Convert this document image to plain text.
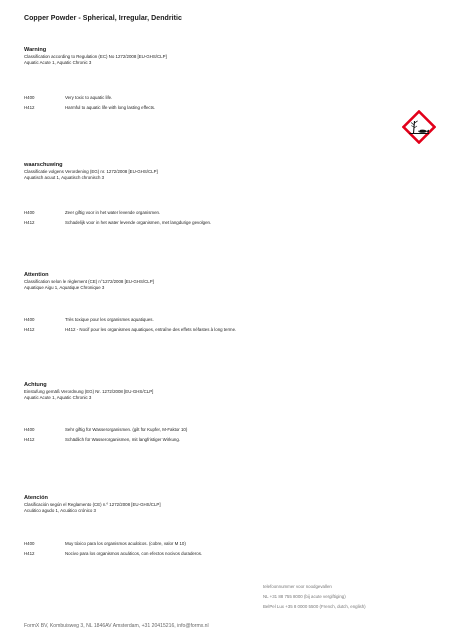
Copper Powder - Spherical, Irregular, Dendritic
Warning
Classification according to Regulation (EC) No 1272/2008 [EU-GHS/CLP]
Aquatic Acute 1, Aquatic Chronic 3
H400	Very toxic to aquatic life.
H412	Harmful to aquatic life with long lasting effects.
waarschuwing
Classificatie volgens Verordening (EG) nr. 1272/2008 [EU-GHS/CLP]
Aquatisch acuut 1, Aquatisch chronisch 3
H400	Zeer giftig voor in het water levende organismen.
H412	Schadelijk voor in het water levende organismen, met langdurige gevolgen.
Attention
Classification selon le règlement (CE) n°1272/2008 [EU-GHS/CLP]
Aquatique Aigu 1, Aquatique Chronique 3
H400	Très toxique pour les organismes aquatiques.
H412	H412 - Nocif pour les organismes aquatiques, entraîne des effets néfastes à long terme.
Achtung
Einstufung gemäß Verordnung (EG) Nr. 1272/2008 [EU-GHS/CLP]
Aquatic Acute 1, Aquatic Chronic 3
H400	Sehr giftig für Wasserorganismen. (gilt für Kupfer, M-Faktor 10)
H412	Schädlich für Wasserorganismen, mit langfristiger Wirkung.
Atención
Clasificación según el Reglamento (CE) n.º 1272/2008 [EU-GHS/CLP]
Acuático agudo 1, Acuático crónico 3
H400	Muy tóxico para los organismos acuáticos. (cobre, valor M 10)
H412	Nocivo para los organismos acuáticos, con efectos nocivos duraderos.
telefoonnummer voor noodgevallen
NL +31 88 755 8000 (bij acute vergiftiging)
BelPel Lux +35 8 0000 5500 (French, dutch, english)
FormX BV, Kombuisweg 3, NL 1846AV Amsterdam, +31 20415216, info@formx.nl
